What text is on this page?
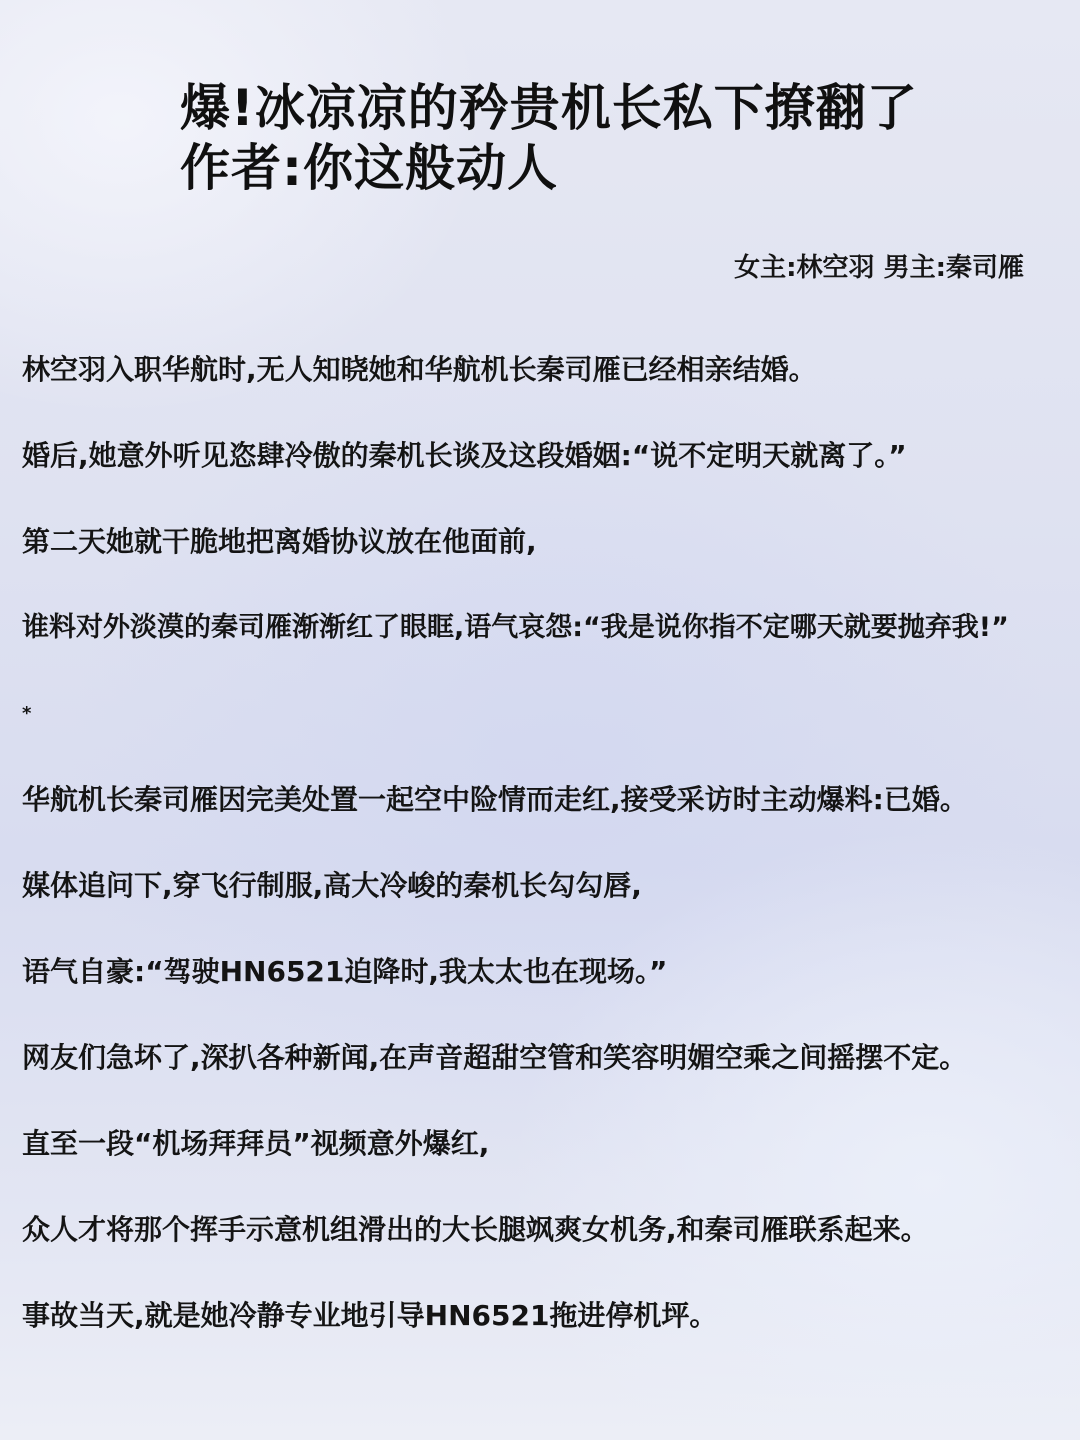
爆!冰凉凉的矜贵机长私下撩翻了
作者:你这般动人
女主:林空羽 男主:秦司雁
林空羽入职华航时,无人知晓她和华航机长秦司雁已经相亲结婚。
婚后,她意外听见恣肆冷傲的秦机长谈及这段婚姻:“说不定明天就离了。”
第二天她就干脆地把离婚协议放在他面前,
谁料对外淡漠的秦司雁渐渐红了眼眶,语气哀怨:“我是说你指不定哪天就要抛弃我!”
*
华航机长秦司雁因完美处置一起空中险情而走红,接受采访时主动爆料:已婚。
媒体追问下,穿飞行制服,高大冷峻的秦机长勾勾唇,
语气自豪:“驾驶HN6521迫降时,我太太也在现场。”
网友们急坏了,深扒各种新闻,在声音超甜空管和笑容明媚空乘之间摇摆不定。
直至一段“机场拜拜员”视频意外爆红,
众人才将那个挥手示意机组滑出的大长腿飒爽女机务,和秦司雁联系起来。
事故当天,就是她冷静专业地引导HN6521拖进停机坪。
